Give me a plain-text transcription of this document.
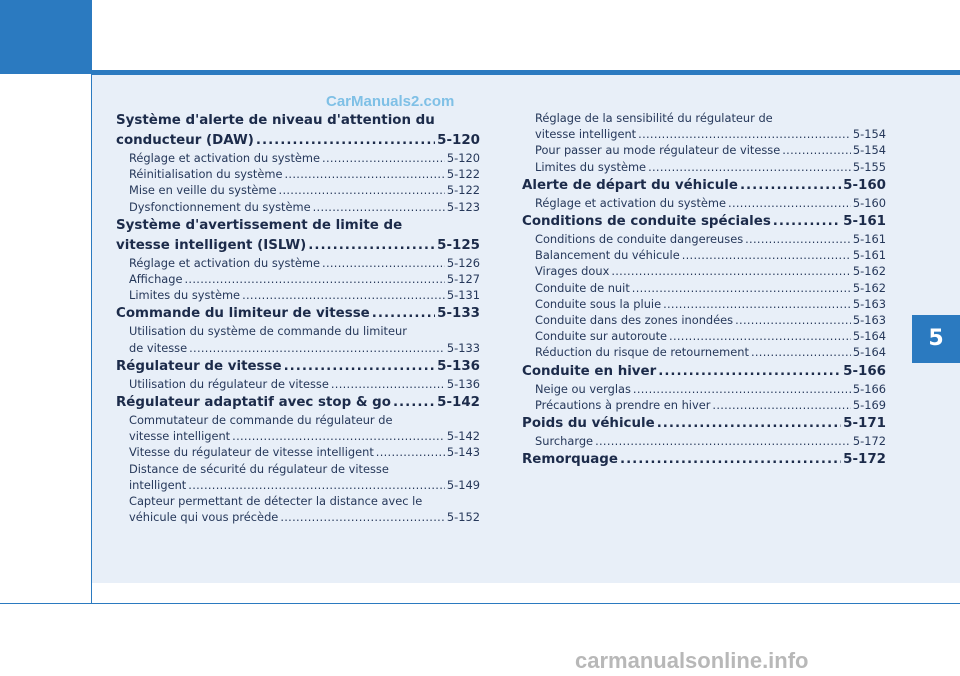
5
CarManuals2.com
carmanualsonline.info
Système d'alerte de niveau d'attention du
conducteur (DAW) .....	5-120
Réglage et activation du système .....	5-120
Réinitialisation du système .....	5-122
Mise en veille du système .....	5-122
Dysfonctionnement du système .....	5-123
Système d'avertissement de limite de
vitesse intelligent (ISLW) .....	5-125
Réglage et activation du système .....	5-126
Affichage .....	5-127
Limites du système .....	5-131
Commande du limiteur de vitesse .....	5-133
Utilisation du système de commande du limiteur
de vitesse .....	5-133
Régulateur de vitesse .....	5-136
Utilisation du régulateur de vitesse .....	5-136
Régulateur adaptatif avec stop & go .....	5-142
Commutateur de commande du régulateur de
vitesse intelligent .....	5-142
Vitesse du régulateur de vitesse intelligent .....	5-143
Distance de sécurité du régulateur de vitesse
intelligent .....	5-149
Capteur permettant de détecter la distance avec le
véhicule qui vous précède .....	5-152
Réglage de la sensibilité du régulateur de
vitesse intelligent .....	5-154
Pour passer au mode régulateur de vitesse .....	5-154
Limites du système .....	5-155
Alerte de départ du véhicule .....	5-160
Réglage et activation du système .....	5-160
Conditions de conduite spéciales .....	5-161
Conditions de conduite dangereuses .....	5-161
Balancement du véhicule .....	5-161
Virages doux .....	5-162
Conduite de nuit .....	5-162
Conduite sous la pluie .....	5-163
Conduite dans des zones inondées .....	5-163
Conduite sur autoroute .....	5-164
Réduction du risque de retournement .....	5-164
Conduite en hiver .....	5-166
Neige ou verglas .....	5-166
Précautions à prendre en hiver .....	5-169
Poids du véhicule .....	5-171
Surcharge .....	5-172
Remorquage .....	5-172
